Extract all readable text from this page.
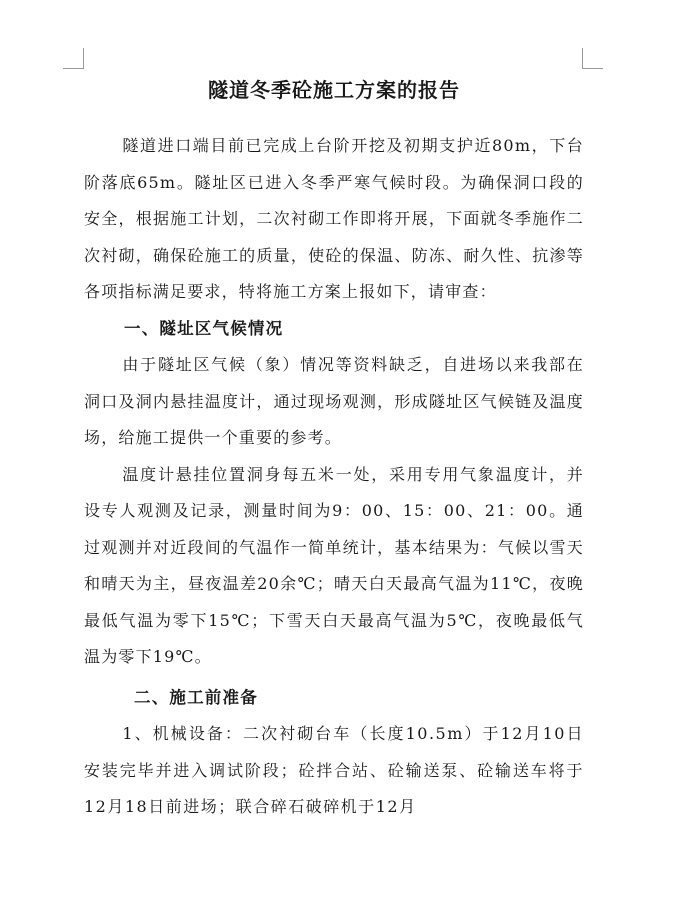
隧道冬季砼施工方案的报告

隧道进口端目前已完成上台阶开挖及初期支护近80m，下台阶落底65m。隧址区已进入冬季严寒气候时段。为确保洞口段的安全，根据施工计划，二次衬砌工作即将开展，下面就冬季施作二次衬砌，确保砼施工的质量，使砼的保温、防冻、耐久性、抗渗等各项指标满足要求，特将施工方案上报如下，请审查：

一、隧址区气候情况

由于隧址区气候（象）情况等资料缺乏，自进场以来我部在洞口及洞内悬挂温度计，通过现场观测，形成隧址区气候链及温度场，给施工提供一个重要的参考。

温度计悬挂位置洞身每五米一处，采用专用气象温度计，并设专人观测及记录，测量时间为9：00、15：00、21：00。通过观测并对近段间的气温作一简单统计，基本结果为：气候以雪天和晴天为主，昼夜温差20余℃；晴天白天最高气温为11℃，夜晚最低气温为零下15℃；下雪天白天最高气温为5℃，夜晚最低气温为零下19℃。

二、施工前准备

1、机械设备：二次衬砌台车（长度10.5m）于12月10日安装完毕并进入调试阶段；砼拌合站、砼输送泵、砼输送车将于12月18日前进场；联合碎石破碎机于12月
